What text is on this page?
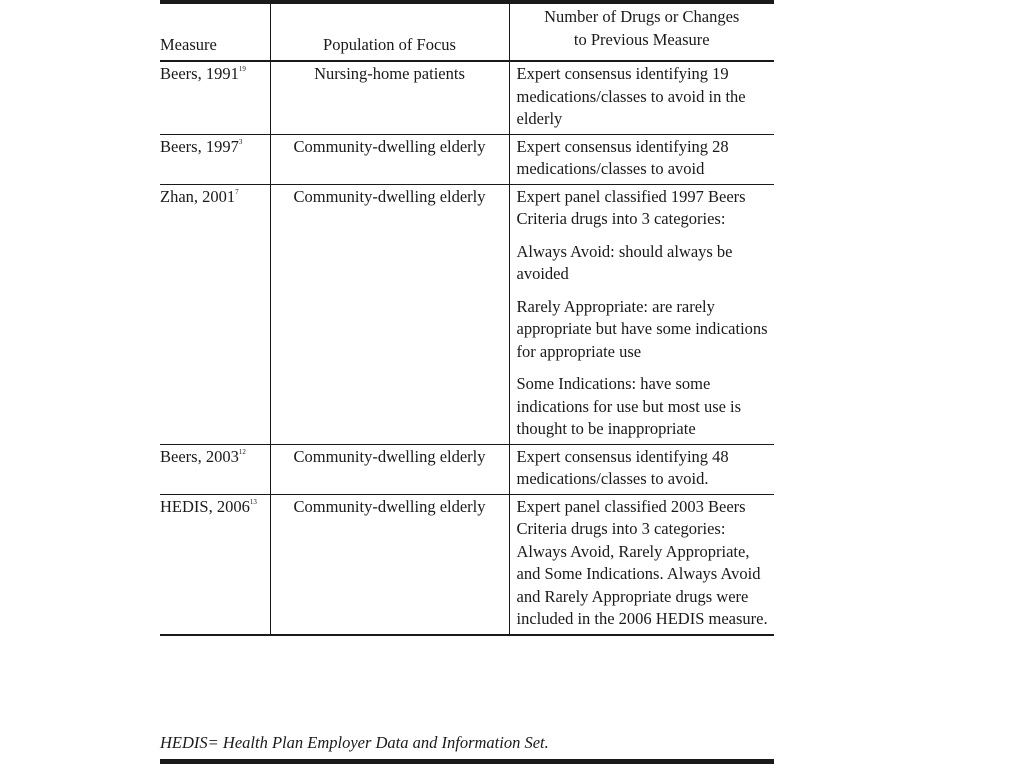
Measure	Population of Focus	Number of Drugs or Changes
to Previous Measure
Beers, 1991$^{19}$	Nursing-home patients	Expert consensus identifying 19 medications/classes to avoid in the elderly

Beers, 1997$^3$	Community-dwelling elderly	Expert consensus identifying 28 medications/classes to avoid

Zhan, 2001$^7$	Community-dwelling elderly	Expert panel classified 1997 Beers Criteria drugs into 3 categories:

Always Avoid: should always be avoided

Rarely Appropriate: are rarely appropriate but have some indications for appropriate use

Some Indications: have some indications for use but most use is thought to be inappropriate

Beers, 2003$^{12}$	Community-dwelling elderly	Expert consensus identifying 48 medications/classes to avoid.

HEDIS, 2006$^{13}$	Community-dwelling elderly	Expert panel classified 2003 Beers Criteria drugs into 3 categories: Always Avoid, Rarely Appropriate, and Some Indications. Always Avoid and Rarely Appropriate drugs were included in the 2006 HEDIS measure.

HEDIS= Health Plan Employer Data and Information Set.
